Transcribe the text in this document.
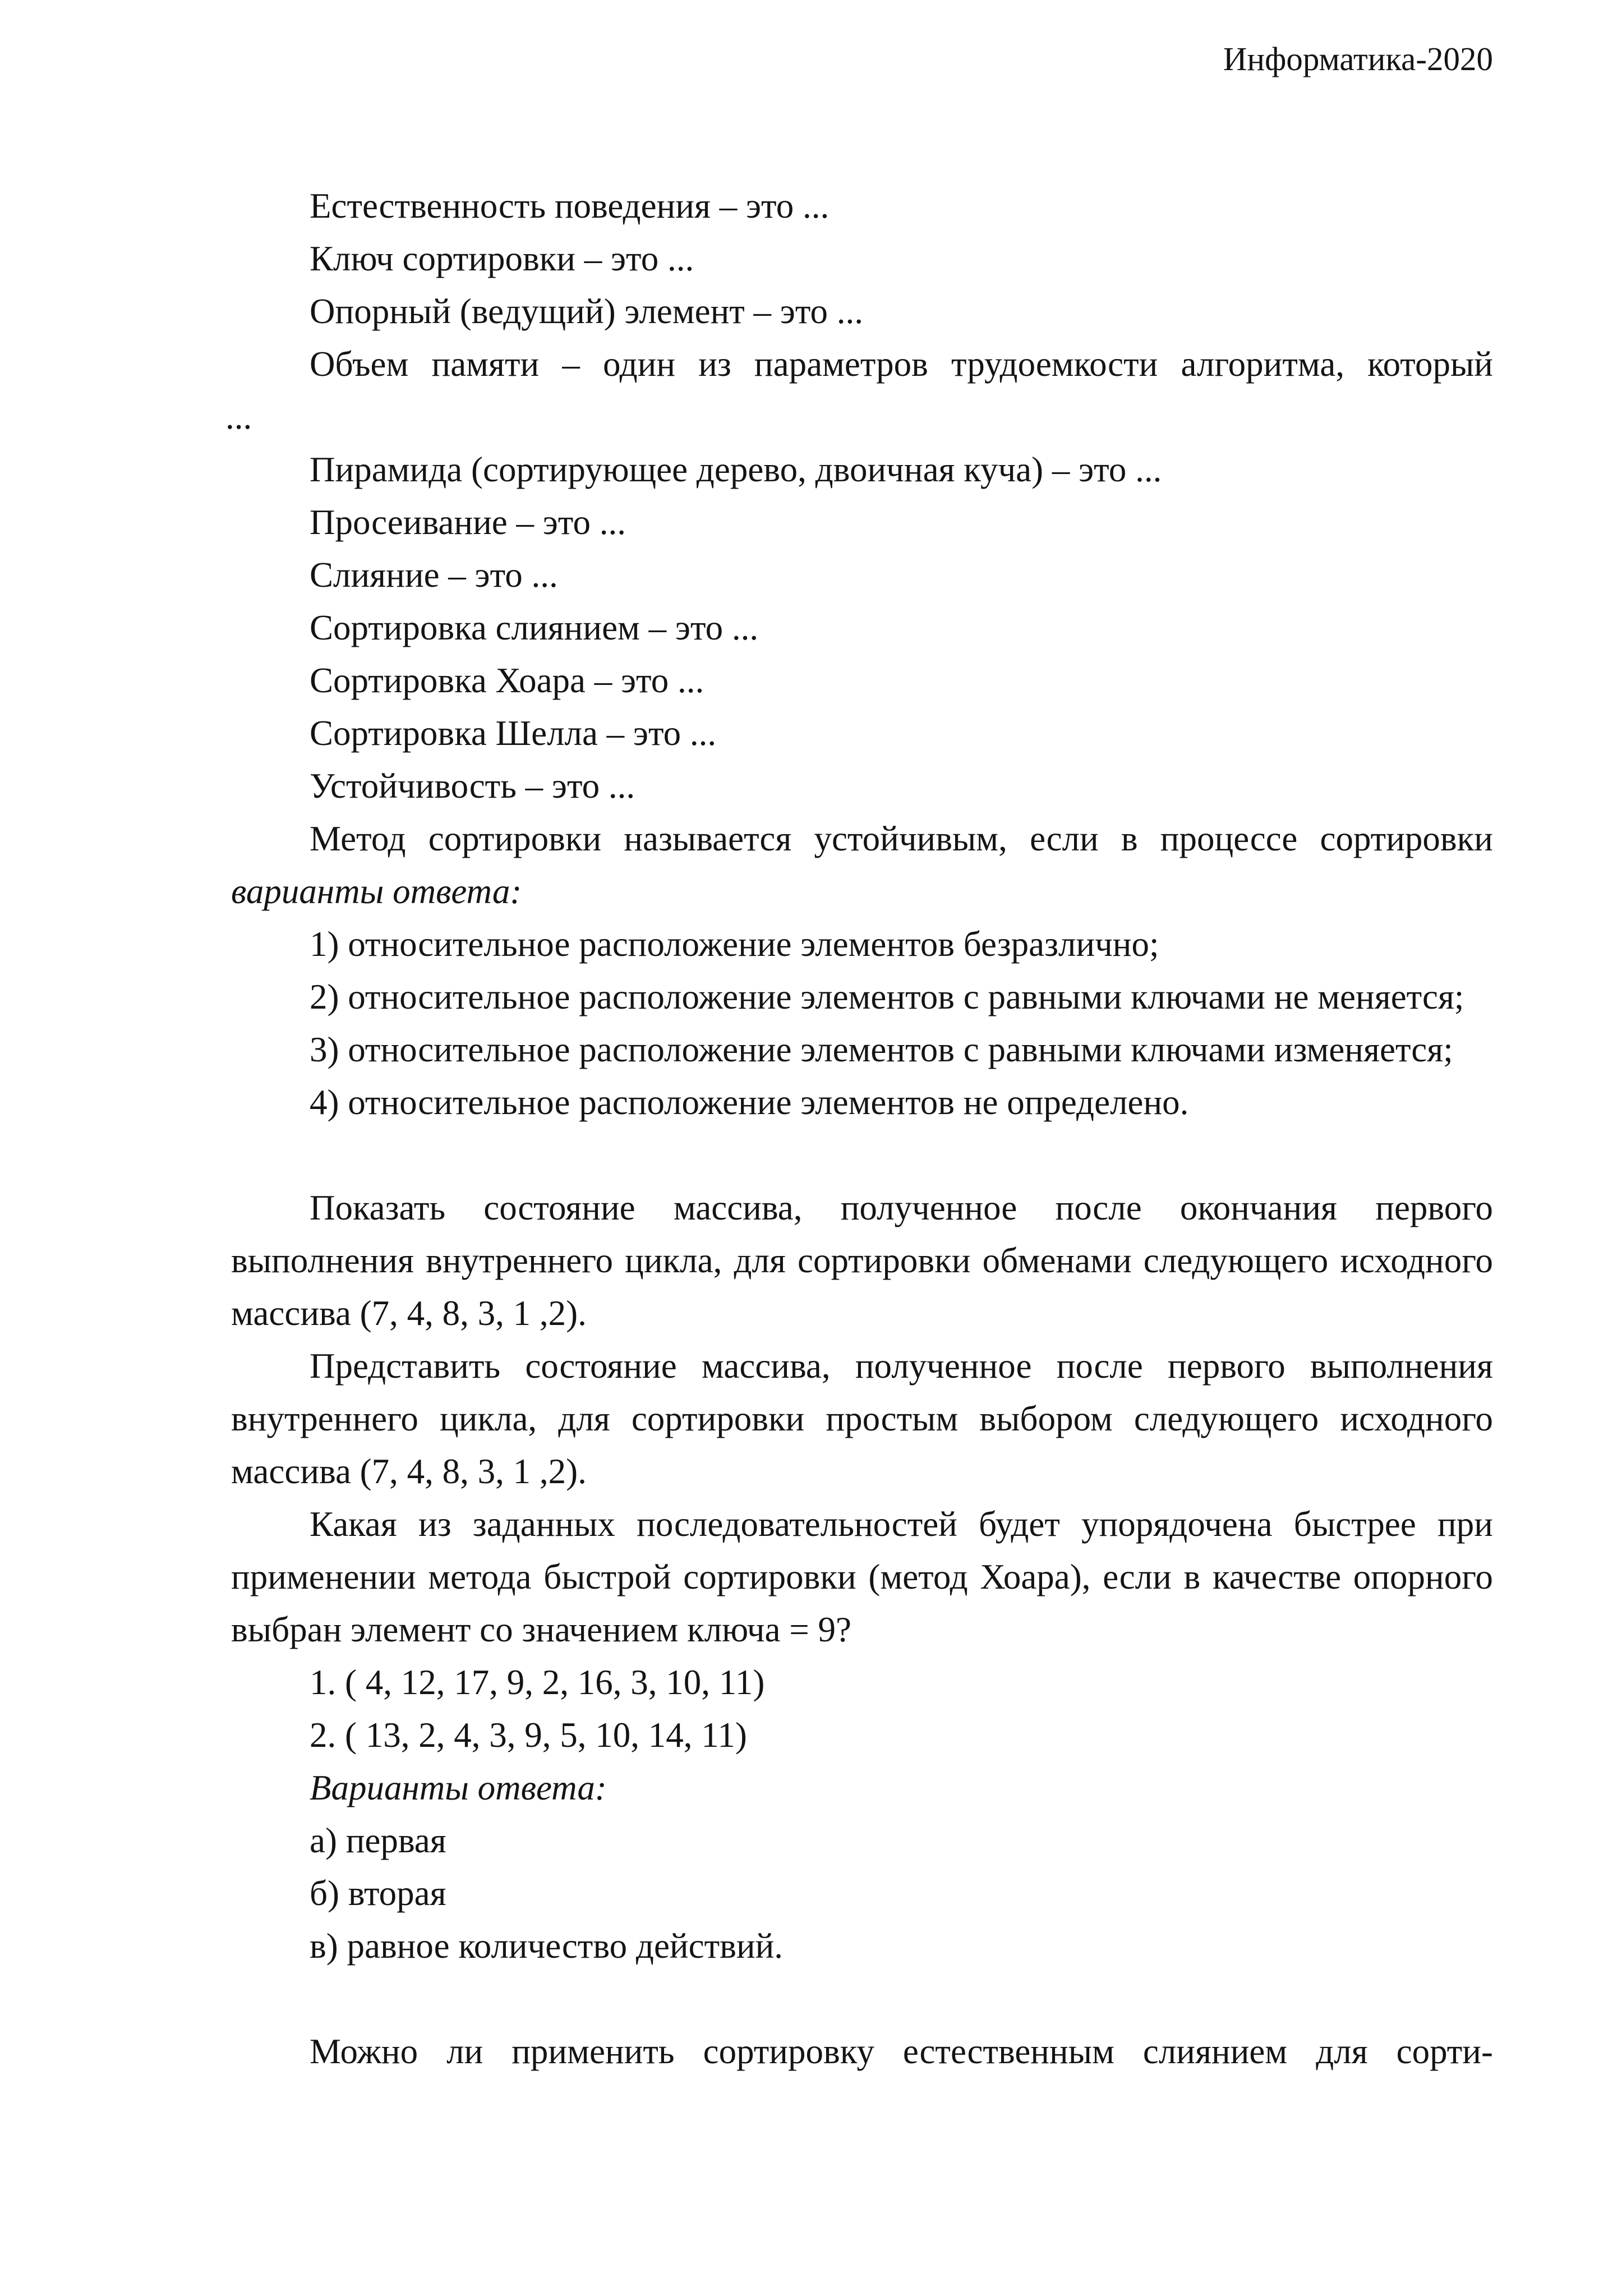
Информатика-2020

Естественность поведения – это ...

Ключ сортировки – это ...

Опорный (ведущий) элемент – это ...

Объем памяти – один из параметров трудоемкости алгоритма, который

...

Пирамида (сортирующее дерево, двоичная куча) – это ...

Просеивание – это ...

Слияние – это ...

Сортировка слиянием – это ...

Сортировка Хоара – это ...

Сортировка Шелла – это ...

Устойчивость – это ...

Метод сортировки называется устойчивым, если в процессе сортировки

варианты ответа:

1) относительное расположение элементов безразлично;

2) относительное расположение элементов с равными ключами не меняется;

3) относительное расположение элементов с равными ключами изменяется;

4) относительное расположение элементов не определено.

Показать состояние массива, полученное после окончания первого выполнения внутреннего цикла, для сортировки обменами следующего исходного массива (7, 4, 8, 3, 1 ,2).

Представить состояние массива, полученное после первого выполнения внутреннего цикла, для сортировки простым выбором следующего исходного массива (7, 4, 8, 3, 1 ,2).

Какая из заданных последовательностей будет упорядочена быстрее при применении метода быстрой сортировки (метод Хоара), если в качестве опорного выбран элемент со значением ключа = 9?

1. ( 4, 12, 17, 9, 2, 16, 3, 10, 11)

2. ( 13, 2, 4, 3, 9, 5, 10, 14, 11)

Варианты ответа:

а) первая

б) вторая

в) равное количество действий.

Можно ли применить сортировку естественным слиянием для сорти-
